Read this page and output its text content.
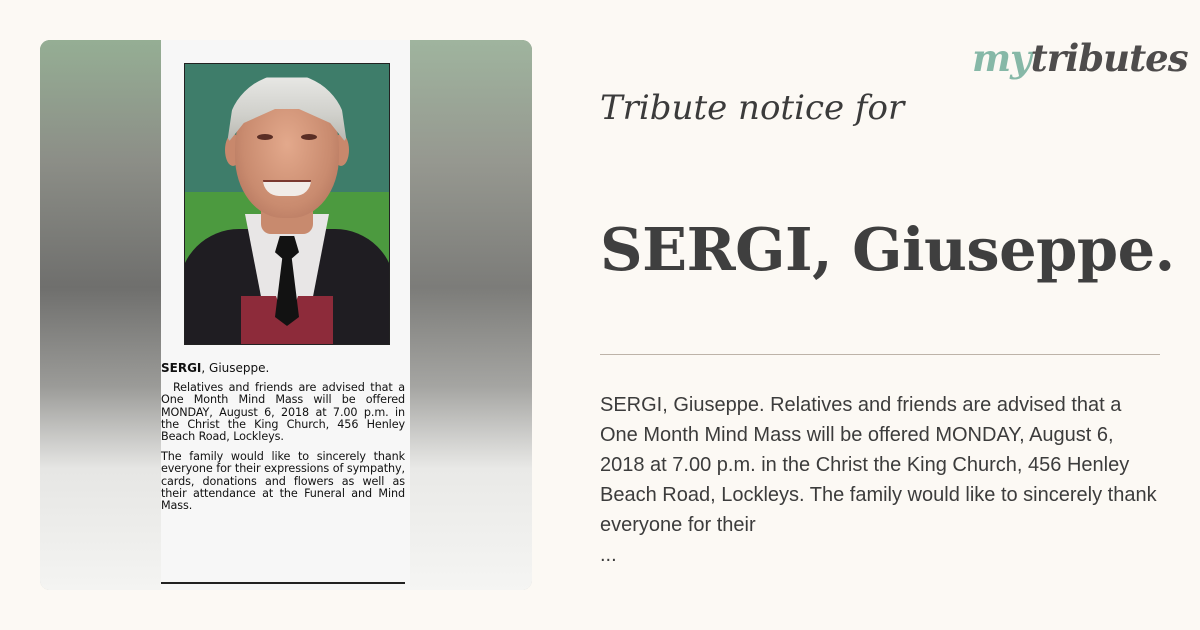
SERGI, Giuseppe.

Relatives and friends are advised that a One Month Mind Mass will be offered MONDAY, August 6, 2018 at 7.00 p.m. in the Christ the King Church, 456 Henley Beach Road, Lockleys.

The family would like to sincerely thank everyone for their expressions of sympathy, cards, donations and flowers as well as their attendance at the Funeral and Mind Mass.

mytributes
Tribute notice for
SERGI, Giuseppe.

SERGI, Giuseppe. Relatives and friends are advised that a One Month Mind Mass will be offered MONDAY, August 6, 2018 at 7.00 p.m. in the Christ the King Church, 456 Henley Beach Road, Lockleys. The family would like to sincerely thank everyone for their

...
